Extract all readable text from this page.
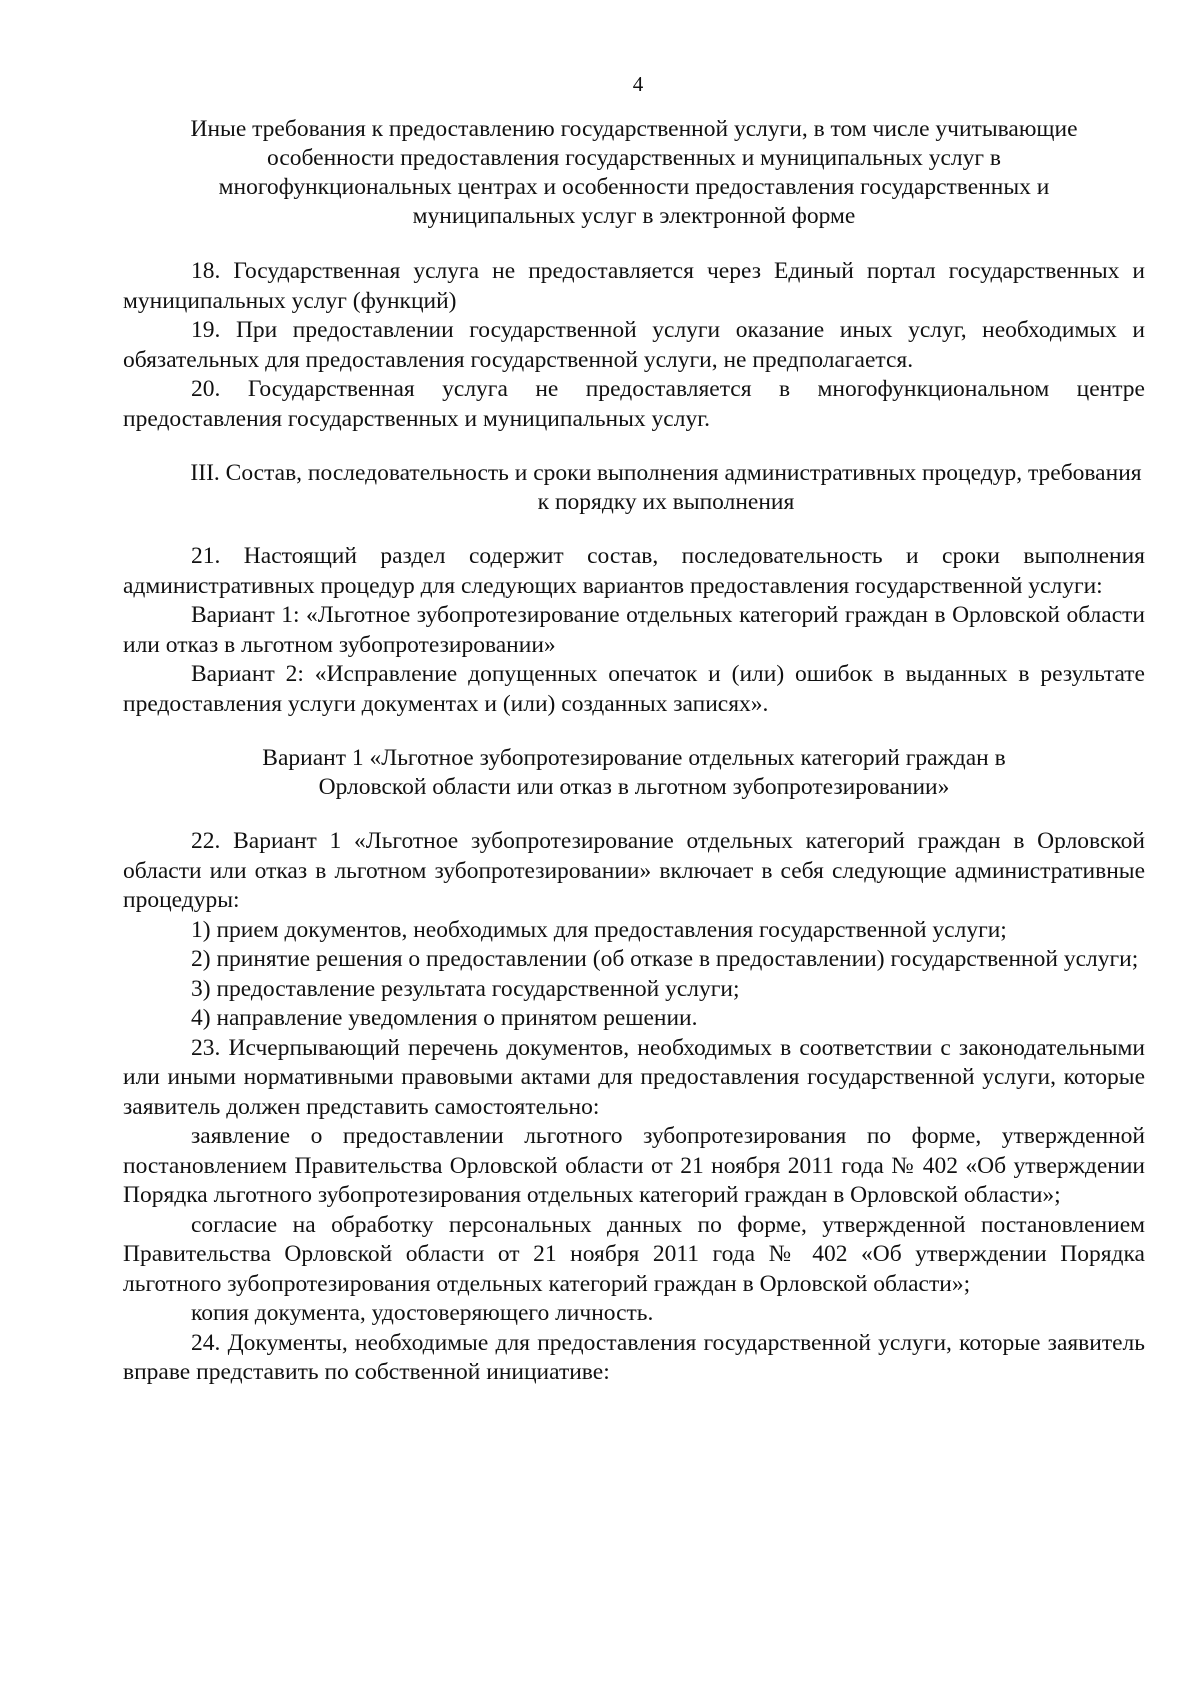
4
Иные требования к предоставлению государственной услуги, в том числе учитывающие особенности предоставления государственных и муниципальных услуг в многофункциональных центрах и особенности предоставления государственных и муниципальных услуг в электронной форме

18. Государственная услуга не предоставляется через Единый портал государственных и муниципальных услуг (функций)

19. При предоставлении государственной услуги оказание иных услуг, необходимых и обязательных для предоставления государственной услуги, не предполагается.

20. Государственная услуга не предоставляется в многофункциональном центре предоставления государственных и муниципальных услуг.

III. Состав, последовательность и сроки выполнения административных процедур, требования к порядку их выполнения

21. Настоящий раздел содержит состав, последовательность и сроки выполнения административных процедур для следующих вариантов предоставления государственной услуги:

Вариант 1: «Льготное зубопротезирование отдельных категорий граждан в Орловской области или отказ в льготном зубопротезировании»

Вариант 2: «Исправление допущенных опечаток и (или) ошибок в выданных в результате предоставления услуги документах и (или) созданных записях».

Вариант 1 «Льготное зубопротезирование отдельных категорий граждан в Орловской области или отказ в льготном зубопротезировании»

22. Вариант 1 «Льготное зубопротезирование отдельных категорий граждан в Орловской области или отказ в льготном зубопротезировании» включает в себя следующие административные процедуры:

1) прием документов, необходимых для предоставления государственной услуги;

2) принятие решения о предоставлении (об отказе в предоставлении) государственной услуги;

3) предоставление результата государственной услуги;

4) направление уведомления о принятом решении.

23. Исчерпывающий перечень документов, необходимых в соответствии с законодательными или иными нормативными правовыми актами для предоставления государственной услуги, которые заявитель должен представить самостоятельно:

заявление о предоставлении льготного зубопротезирования по форме, утвержденной постановлением Правительства Орловской области от 21 ноября 2011 года № 402 «Об утверждении Порядка льготного зубопротезирования отдельных категорий граждан в Орловской области»;

согласие на обработку персональных данных по форме, утвержденной постановлением Правительства Орловской области от 21 ноября 2011 года № 402 «Об утверждении Порядка льготного зубопротезирования отдельных категорий граждан в Орловской области»;

копия документа, удостоверяющего личность.

24. Документы, необходимые для предоставления государственной услуги, которые заявитель вправе представить по собственной инициативе:
